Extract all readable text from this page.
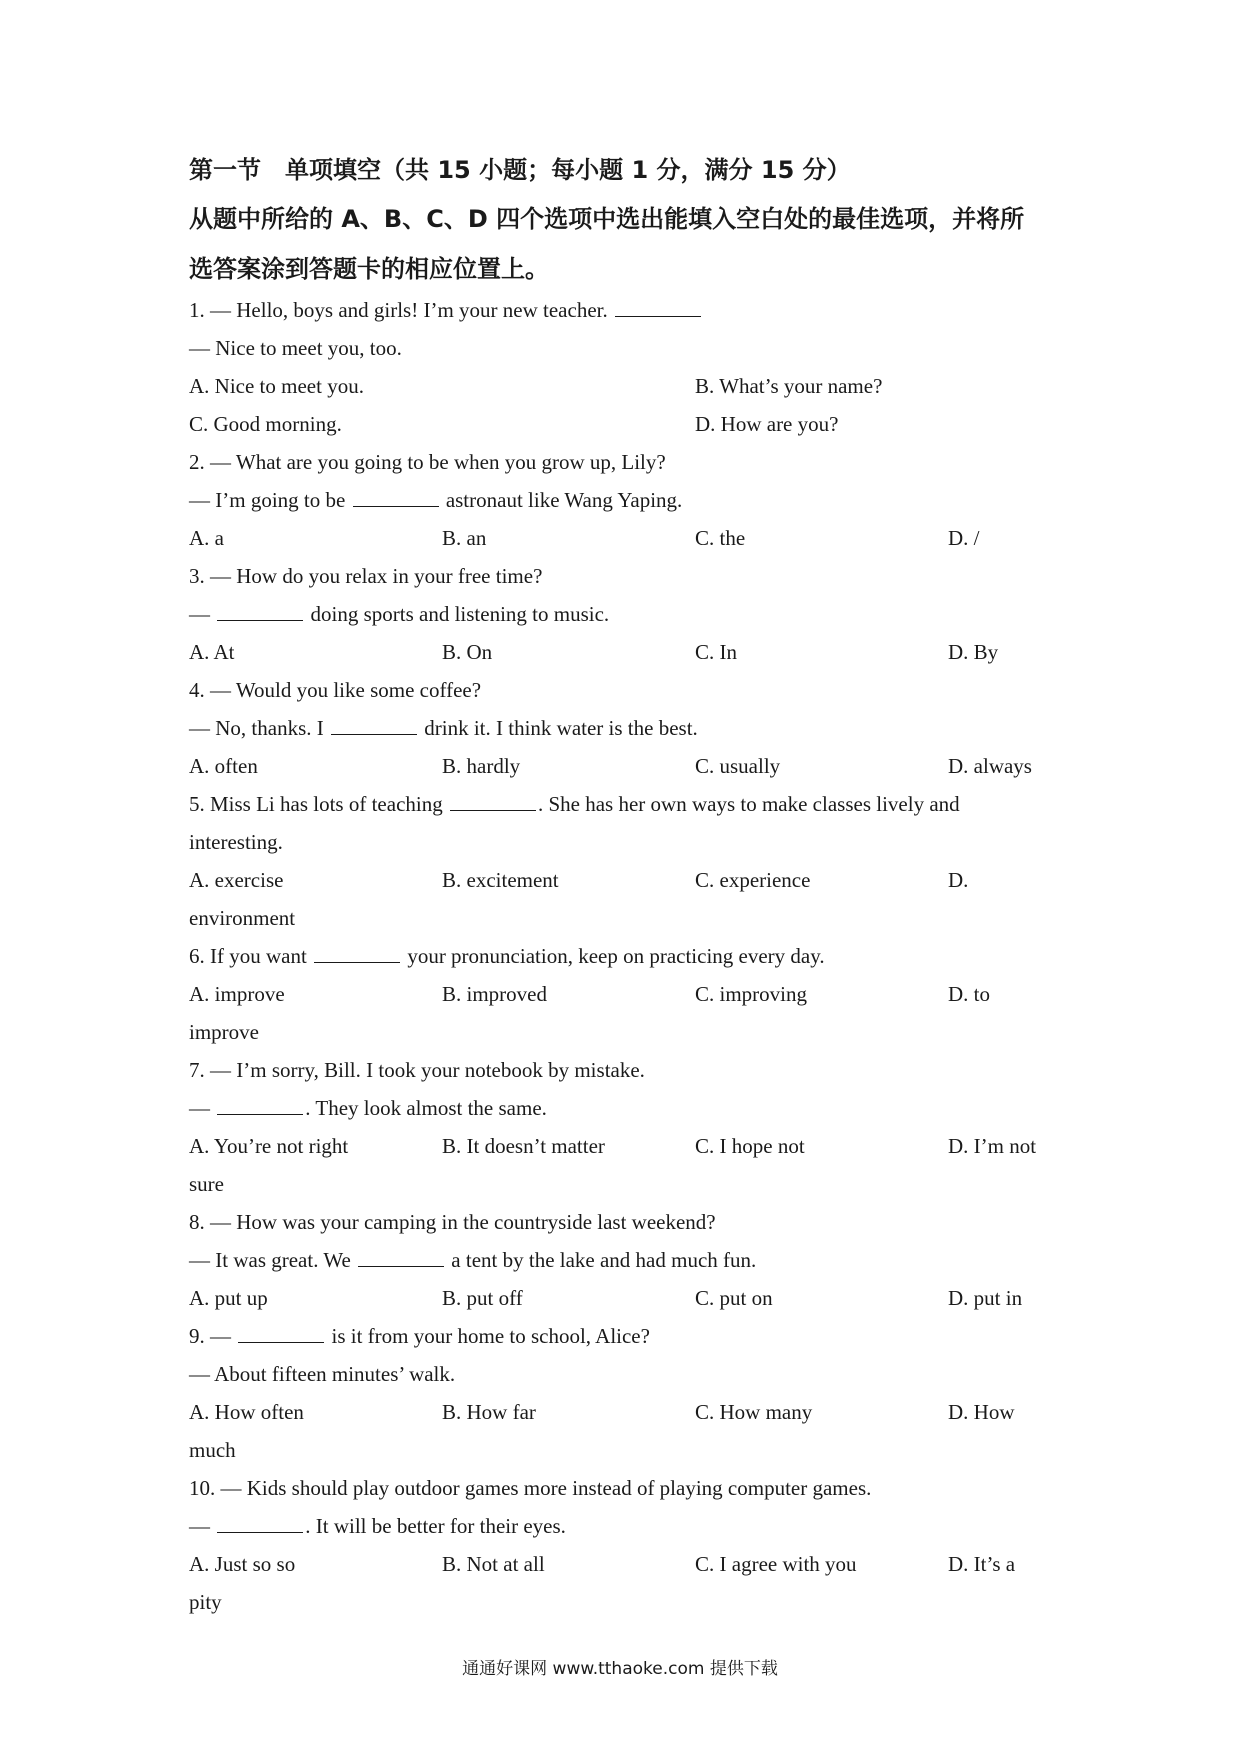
第一节　单项填空（共 15 小题；每小题 1 分，满分 15 分）
从题中所给的 A、B、C、D 四个选项中选出能填入空白处的最佳选项，并将所
选答案涂到答题卡的相应位置上。
1. — Hello, boys and girls! I’m your new teacher.
— Nice to meet you, too.
A. Nice to meet you.	B. What’s your name?
C. Good morning.	D. How are you?
2. — What are you going to be when you grow up, Lily?
— I’m going to be	astronaut like Wang Yaping.
A. a	B. an	C. the	D. /
3. — How do you relax in your free time?
—	doing sports and listening to music.
A. At	B. On	C. In	D. By
4. — Would you like some coffee?
— No, thanks. I	drink it. I think water is the best.
A. often	B. hardly	C. usually	D. always
5. Miss Li has lots of teaching	. She has her own ways to make classes lively and
interesting.
A. exercise	B. excitement	C. experience	D.
environment
6. If you want	your pronunciation, keep on practicing every day.
A. improve	B. improved	C. improving	D. to
improve
7. — I’m sorry, Bill. I took your notebook by mistake.
—	. They look almost the same.
A. You’re not right	B. It doesn’t matter	C. I hope not	D. I’m not
sure
8. — How was your camping in the countryside last weekend?
— It was great. We	a tent by the lake and had much fun.
A. put up	B. put off	C. put on	D. put in
9. —	is it from your home to school, Alice?
— About fifteen minutes’ walk.
A. How often	B. How far	C. How many	D. How
much
10. — Kids should play outdoor games more instead of playing computer games.
—	. It will be better for their eyes.
A. Just so so	B. Not at all	C. I agree with you	D. It’s a
pity
通通好课网 www.tthaoke.com 提供下载
